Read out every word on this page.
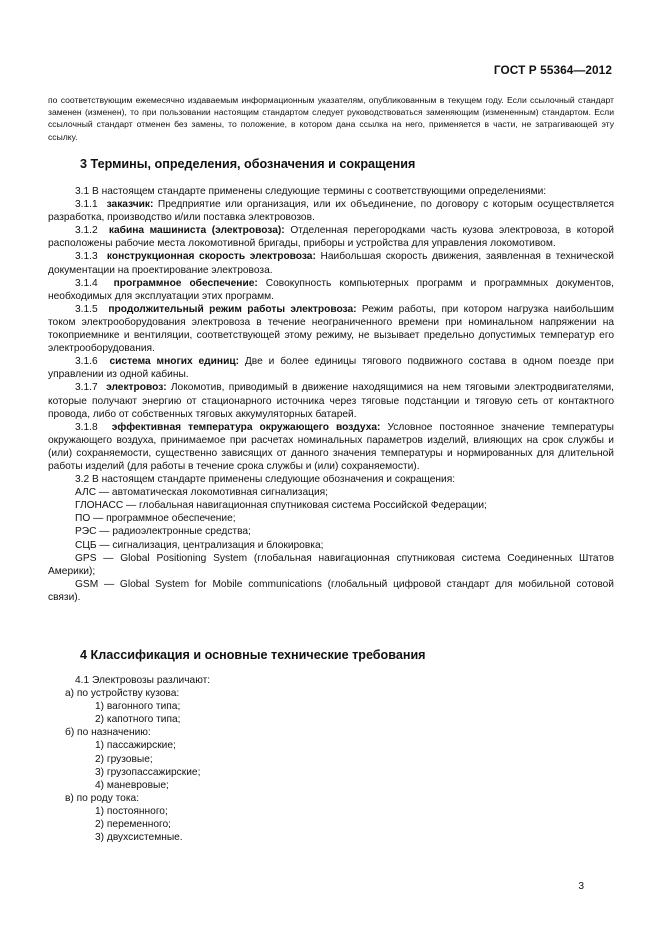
ГОСТ Р 55364—2012

по соответствующим ежемесячно издаваемым информационным указателям, опубликованным в текущем году. Если ссылочный стандарт заменен (изменен), то при пользовании настоящим стандартом следует руководствоваться заменяющим (измененным) стандартом. Если ссылочный стандарт отменен без замены, то положение, в котором дана ссылка на него, применяется в части, не затрагивающей эту ссылку.

3 Термины, определения, обозначения и сокращения

3.1 В настоящем стандарте применены следующие термины с соответствующими определениями:

3.1.1 заказчик: Предприятие или организация, или их объединение, по договору с которым осуществляется разработка, производство и/или поставка электровозов.

3.1.2 кабина машиниста (электровоза): Отделенная перегородками часть кузова электровоза, в которой расположены рабочие места локомотивной бригады, приборы и устройства для управления локомотивом.

3.1.3 конструкционная скорость электровоза: Наибольшая скорость движения, заявленная в технической документации на проектирование электровоза.

3.1.4 программное обеспечение: Совокупность компьютерных программ и программных документов, необходимых для эксплуатации этих программ.

3.1.5 продолжительный режим работы электровоза: Режим работы, при котором нагрузка наибольшим током электрооборудования электровоза в течение неограниченного времени при номинальном напряжении на токоприемнике и вентиляции, соответствующей этому режиму, не вызывает предельно допустимых температур его электрооборудования.

3.1.6 система многих единиц: Две и более единицы тягового подвижного состава в одном поезде при управлении из одной кабины.

3.1.7 электровоз: Локомотив, приводимый в движение находящимися на нем тяговыми электродвигателями, которые получают энергию от стационарного источника через тяговые подстанции и тяговую сеть от контактного провода, либо от собственных тяговых аккумуляторных батарей.

3.1.8 эффективная температура окружающего воздуха: Условное постоянное значение температуры окружающего воздуха, принимаемое при расчетах номинальных параметров изделий, влияющих на срок службы и (или) сохраняемости, существенно зависящих от данного значения температуры и нормированных для длительной работы изделий (для работы в течение срока службы и (или) сохраняемости).

3.2 В настоящем стандарте применены следующие обозначения и сокращения:

АЛС — автоматическая локомотивная сигнализация;

ГЛОНАСС — глобальная навигационная спутниковая система Российской Федерации;

ПО — программное обеспечение;

РЭС — радиоэлектронные средства;

СЦБ — сигнализация, централизация и блокировка;

GPS — Global Positioning System (глобальная навигационная спутниковая система Соединенных Штатов Америки);

GSM — Global System for Mobile communications (глобальный цифровой стандарт для мобильной сотовой связи).

4 Классификация и основные технические требования

4.1 Электровозы различают:

а) по устройству кузова:

1) вагонного типа;

2) капотного типа;

б) по назначению:

1) пассажирские;

2) грузовые;

3) грузопассажирские;

4) маневровые;

в) по роду тока:

1) постоянного;

2) переменного;

3) двухсистемные.

3
